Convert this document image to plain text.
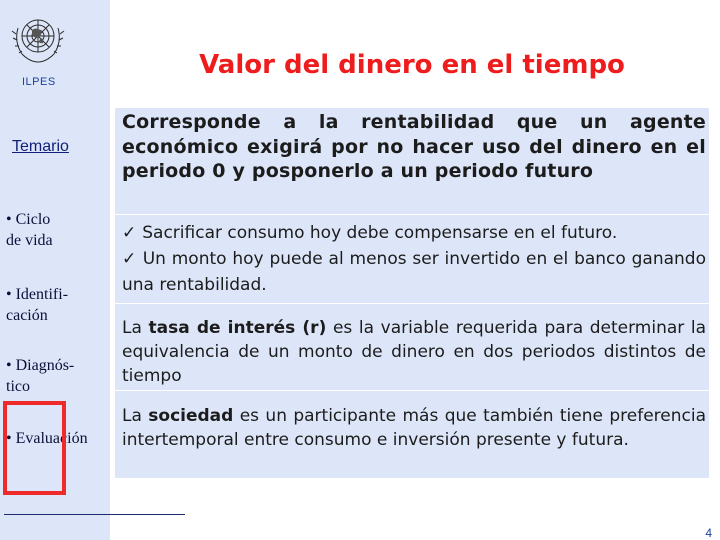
ILPES
Temario
• Ciclo
de vida
• Identifi-
cación
• Diagnós-
tico
• Evaluación
Valor del dinero en el tiempo
Corresponde a la rentabilidad que un agente económico exigirá por no hacer uso del dinero en el periodo 0 y posponerlo a un periodo futuro
✓ Sacrificar consumo hoy debe compensarse en el futuro.
✓ Un monto hoy puede al menos ser invertido en el banco ganando una rentabilidad.
La tasa de interés (r) es la variable requerida para determinar la equivalencia de un monto de dinero en dos periodos distintos de tiempo
La sociedad es un participante más que también tiene preferencia intertemporal entre consumo e inversión presente y futura.
4
